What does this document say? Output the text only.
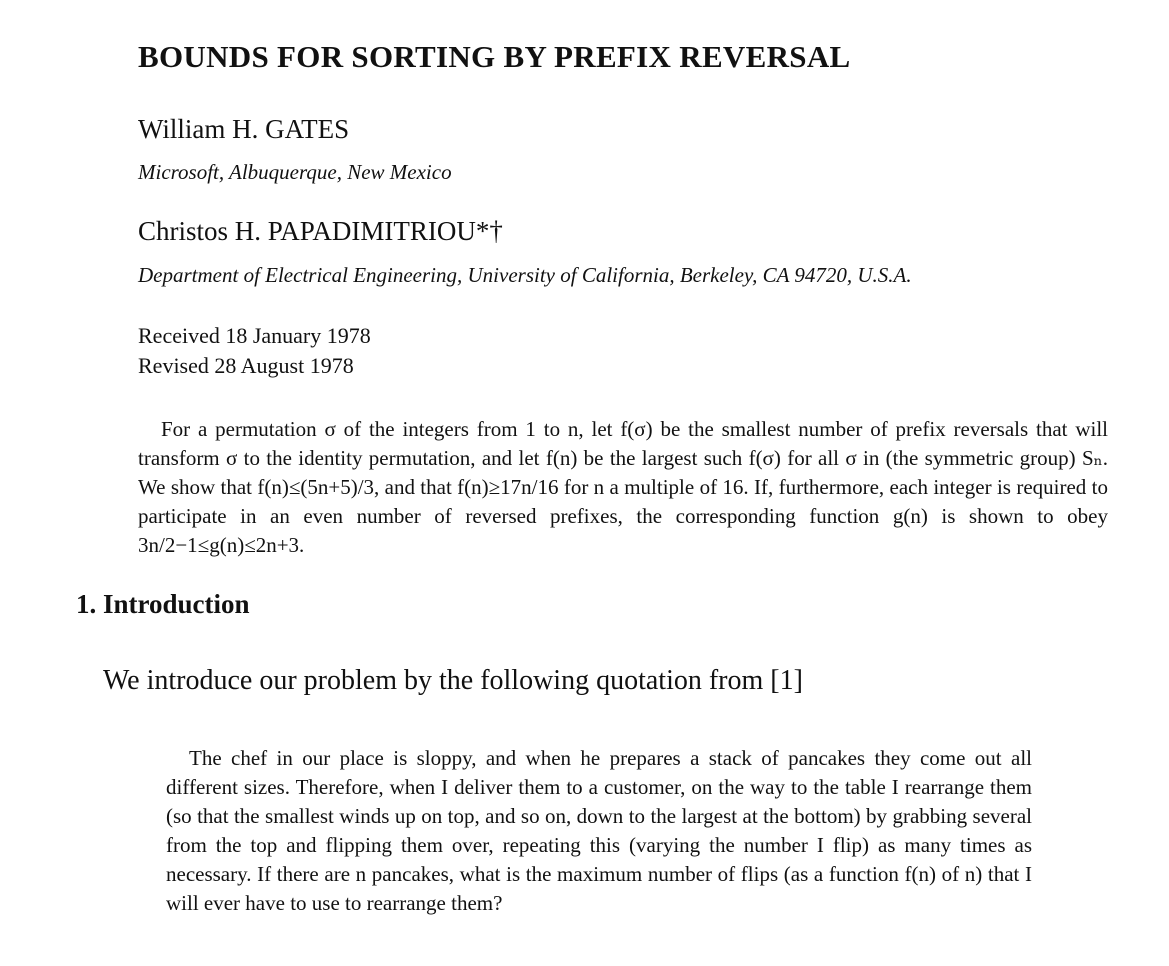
BOUNDS FOR SORTING BY PREFIX REVERSAL
William H. GATES
Microsoft, Albuquerque, New Mexico
Christos H. PAPADIMITRIOU*†
Department of Electrical Engineering, University of California, Berkeley, CA 94720, U.S.A.
Received 18 January 1978
Revised 28 August 1978

For a permutation σ of the integers from 1 to n, let f(σ) be the smallest number of prefix reversals that will transform σ to the identity permutation, and let f(n) be the largest such f(σ) for all σ in (the symmetric group) Sₙ. We show that f(n)≤(5n+5)/3, and that f(n)≥17n/16 for n a multiple of 16. If, furthermore, each integer is required to participate in an even number of reversed prefixes, the corresponding function g(n) is shown to obey 3n/2−1≤g(n)≤2n+3.

1. Introduction

We introduce our problem by the following quotation from [1]

The chef in our place is sloppy, and when he prepares a stack of pancakes they come out all different sizes. Therefore, when I deliver them to a customer, on the way to the table I rearrange them (so that the smallest winds up on top, and so on, down to the largest at the bottom) by grabbing several from the top and flipping them over, repeating this (varying the number I flip) as many times as necessary. If there are n pancakes, what is the maximum number of flips (as a function f(n) of n) that I will ever have to use to rearrange them?
